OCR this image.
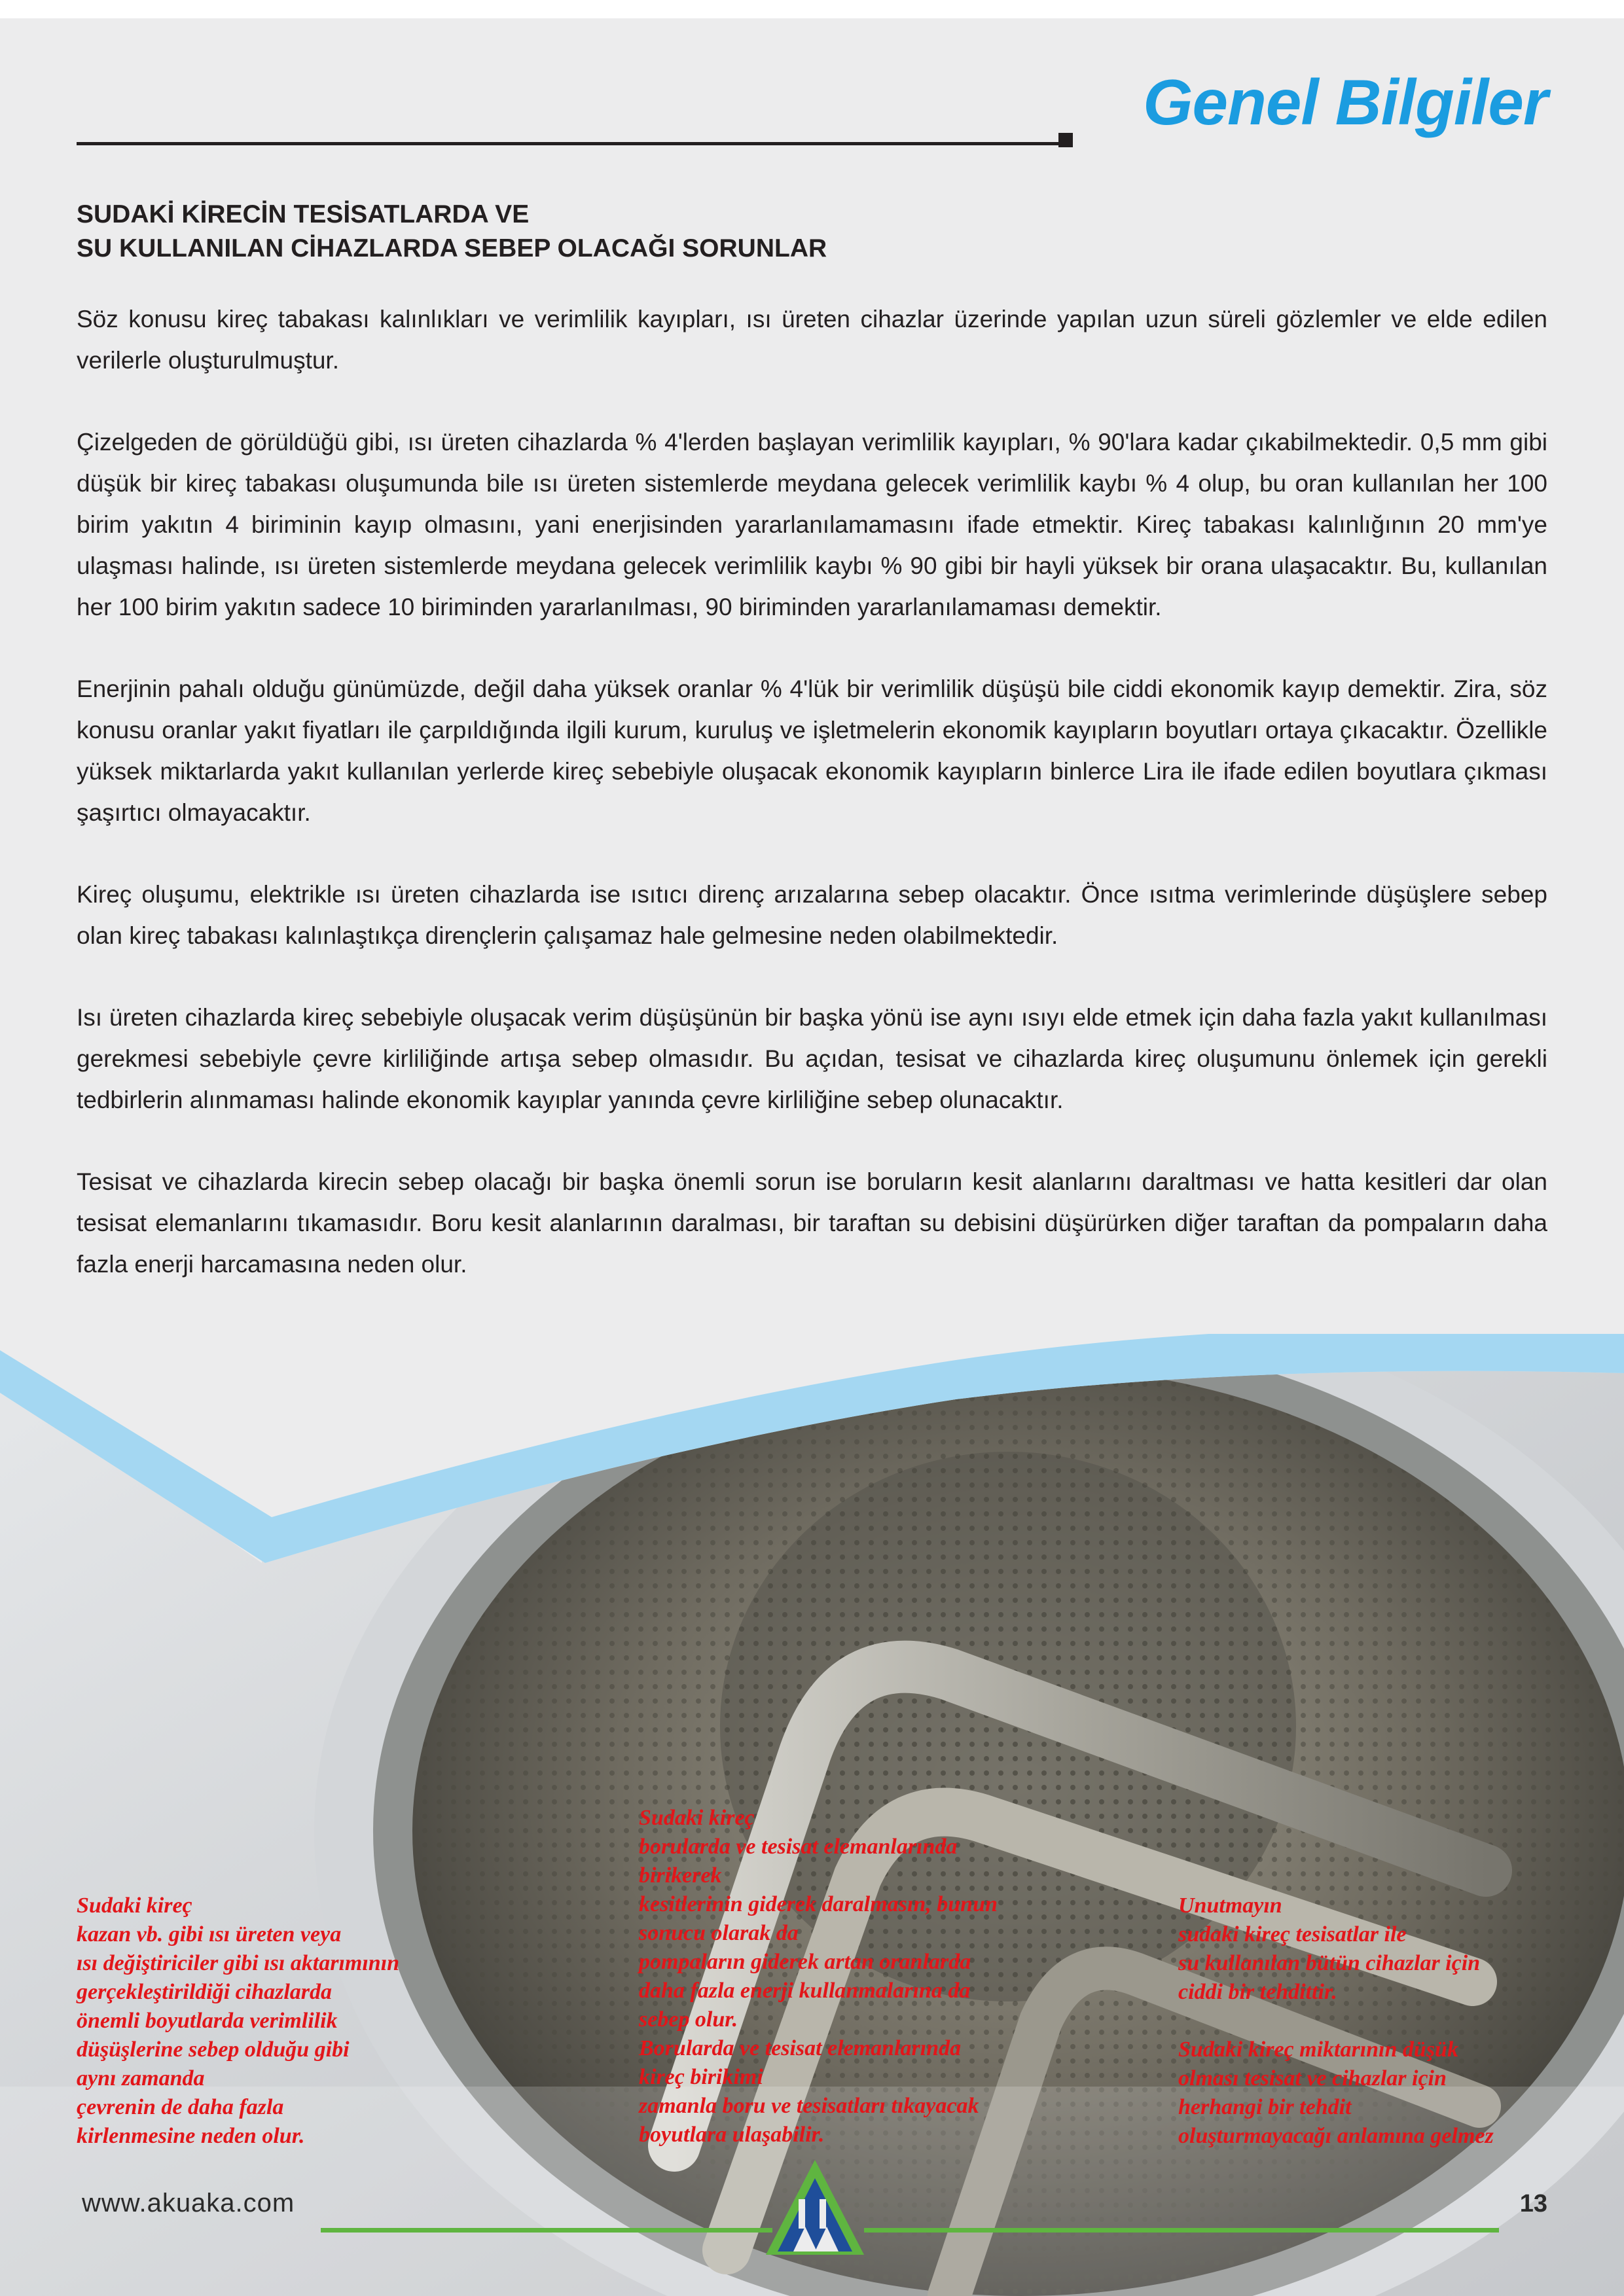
Genel Bilgiler
SUDAKİ KİRECİN TESİSATLARDA VE
SU KULLANILAN CİHAZLARDA SEBEP OLACAĞI SORUNLAR

Söz konusu kireç tabakası kalınlıkları ve verimlilik kayıpları, ısı üreten cihazlar üzerinde yapılan uzun süreli gözlemler ve elde edilen verilerle oluşturulmuştur.

Çizelgeden de görüldüğü gibi, ısı üreten cihazlarda % 4'lerden başlayan verimlilik kayıpları, % 90'lara kadar çıkabilmektedir. 0,5 mm gibi düşük bir kireç tabakası oluşumunda bile ısı üreten sistemlerde meydana gelecek verimlilik kaybı % 4 olup, bu oran kullanılan her 100 birim yakıtın 4 biriminin kayıp olmasını, yani enerjisinden yararlanılamamasını ifade etmektir. Kireç tabakası kalınlığının 20 mm'ye ulaşması halinde, ısı üreten sistemlerde meydana gelecek verimlilik kaybı % 90 gibi bir hayli yüksek bir orana ulaşacaktır. Bu, kullanılan her 100 birim yakıtın sadece 10 biriminden yararlanılması, 90 biriminden yararlanılamaması demektir.

Enerjinin pahalı olduğu günümüzde, değil daha yüksek oranlar % 4'lük bir verimlilik düşüşü bile ciddi ekonomik kayıp demektir. Zira, söz konusu oranlar yakıt fiyatları ile çarpıldığında ilgili kurum, kuruluş ve işletmelerin ekonomik kayıpların boyutları ortaya çıkacaktır. Özellikle yüksek miktarlarda yakıt kullanılan yerlerde kireç sebebiyle oluşacak ekonomik kayıpların binlerce Lira ile ifade edilen boyutlara çıkması şaşırtıcı olmayacaktır.

Kireç oluşumu, elektrikle ısı üreten cihazlarda ise ısıtıcı direnç arızalarına sebep olacaktır. Önce ısıtma verimlerinde düşüşlere sebep olan kireç tabakası kalınlaştıkça dirençlerin çalışamaz hale gelmesine neden olabilmektedir.

Isı üreten cihazlarda kireç sebebiyle oluşacak verim düşüşünün bir başka yönü ise aynı ısıyı elde etmek için daha fazla yakıt kullanılması gerekmesi sebebiyle çevre kirliliğinde artışa sebep olmasıdır. Bu açıdan, tesisat ve cihazlarda kireç oluşumunu önlemek için gerekli tedbirlerin alınmaması halinde ekonomik kayıplar yanında çevre kirliliğine sebep olunacaktır.

Tesisat ve cihazlarda kirecin sebep olacağı bir başka önemli sorun ise boruların kesit alanlarını daraltması ve hatta kesitleri dar olan tesisat elemanlarını tıkamasıdır. Boru kesit alanlarının daralması, bir taraftan su debisini düşürürken diğer taraftan da pompaların daha fazla enerji harcamasına neden olur.

Sudaki kireç
kazan vb. gibi ısı üreten veya
ısı değiştiriciler gibi ısı aktarımının
gerçekleştirildiği cihazlarda
önemli boyutlarda verimlilik
düşüşlerine sebep olduğu gibi
aynı zamanda
çevrenin de daha fazla
kirlenmesine neden olur.

Sudaki kireç
borularda ve tesisat elemanlarında
birikerek
kesitlerinin giderek daralmasın, bunun
sonucu olarak da
pompaların giderek artan oranlarda
daha fazla enerji kullanmalarına da
sebep olur.
Borularda ve tesisat elemanlarında
kireç birikimi
zamanla boru ve tesisatları tıkayacak
boyutlara ulaşabilir.

Unutmayın
sudaki kireç tesisatlar ile
su kullanılan bütün cihazlar için
ciddi bir tehdittir.

Sudaki kireç miktarının düşük
olması tesisat ve cihazlar için
herhangi bir tehdit
oluşturmayacağı anlamına gelmez

www.akuaka.com	13
